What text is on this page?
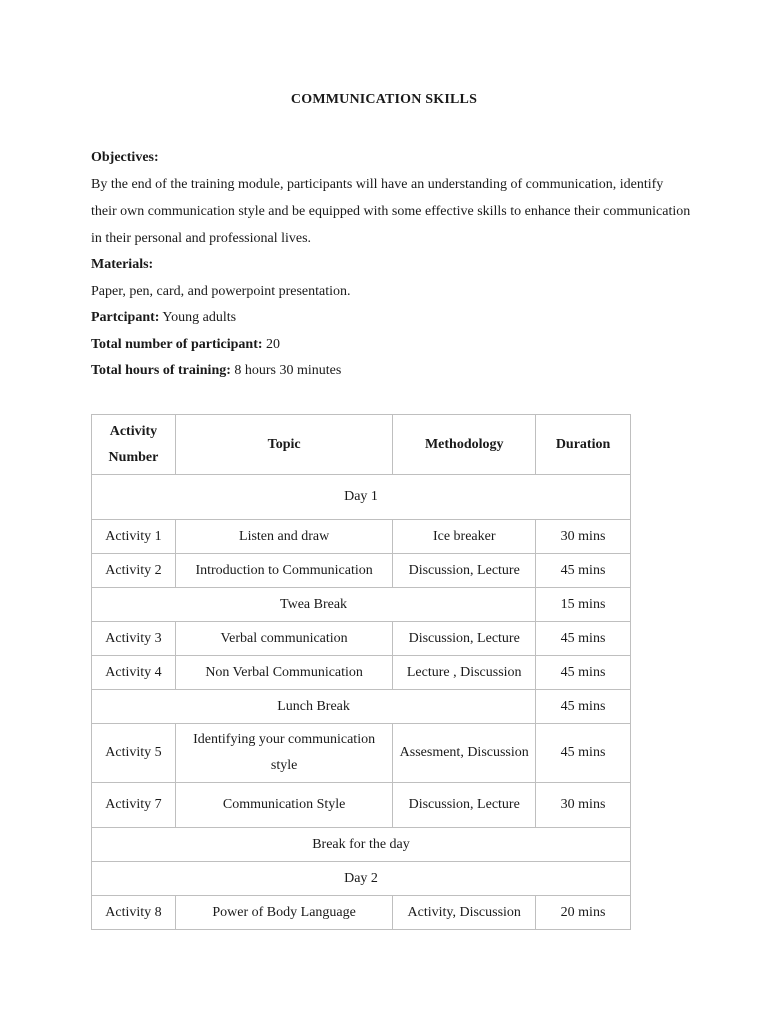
COMMUNICATION SKILLS

Objectives:
By the end of the training module, participants will have an understanding of communication, identify their own communication style and be equipped with some effective skills to enhance their communication in their personal and professional lives.

Materials:
Paper, pen, card, and powerpoint presentation.

Partcipant: Young adults

Total number of participant: 20

Total hours of training: 8 hours 30 minutes

Activity Number	Topic	Methodology	Duration
Day 1			
Activity 1	Listen and draw	Ice breaker	30 mins
Activity 2	Introduction to Communication	Discussion, Lecture	45 mins
Twea Break			15 mins
Activity 3	Verbal communication	Discussion, Lecture	45 mins
Activity 4	Non Verbal Communication	Lecture , Discussion	45 mins
Lunch Break			45 mins
Activity 5	Identifying your communication style	Assesment, Discussion	45 mins
Activity 7	Communication Style	Discussion, Lecture	30 mins
Break for the day			
Day 2			
Activity 8	Power of Body Language	Activity, Discussion	20 mins
